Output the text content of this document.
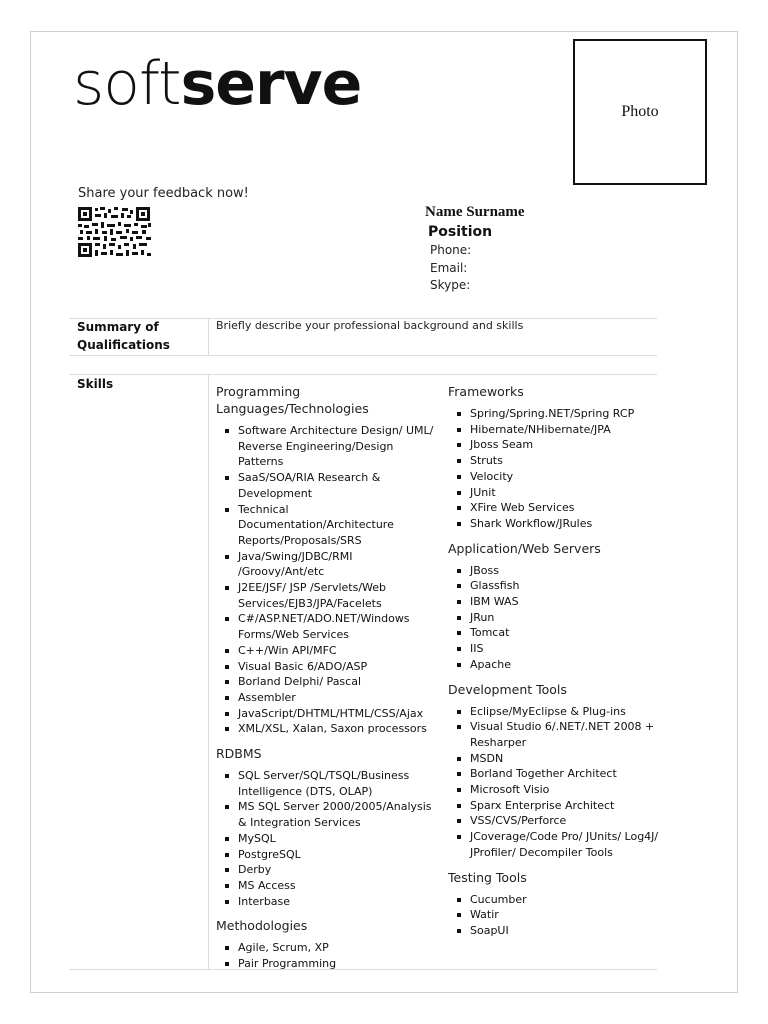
softserve	Photo
Share your feedback now!
Name Surname
Position
Phone:
Email:
Skype:
Summary of Qualifications
Briefly describe your professional background and skills
Skills	Programming Languages/Technologies
Software Architecture Design/ UML/ Reverse Engineering/Design Patterns
SaaS/SOA/RIA Research & Development
Technical Documentation/Architecture Reports/Proposals/SRS
Java/Swing/JDBC/RMI /Groovy/Ant/etc
J2EE/JSF/ JSP /Servlets/Web Services/EJB3/JPA/Facelets
C#/ASP.NET/ADO.NET/Windows Forms/Web Services
C++/Win API/MFC
Visual Basic 6/ADO/ASP
Borland Delphi/ Pascal
Assembler
JavaScript/DHTML/HTML/CSS/Ajax
XML/XSL, Xalan, Saxon processors
RDBMS
SQL Server/SQL/TSQL/Business Intelligence (DTS, OLAP)
MS SQL Server 2000/2005/Analysis & Integration Services
MySQL
PostgreSQL
Derby
MS Access
Interbase
Methodologies
Agile, Scrum, XP
Pair Programming
Frameworks
Spring/Spring.NET/Spring RCP
Hibernate/NHibernate/JPA
Jboss Seam
Struts
Velocity
JUnit
XFire Web Services
Shark Workflow/JRules
Application/Web Servers
JBoss
Glassfish
IBM WAS
JRun
Tomcat
IIS
Apache
Development Tools
Eclipse/MyEclipse & Plug-ins
Visual Studio 6/.NET/.NET 2008 + Resharper
MSDN
Borland Together Architect
Microsoft Visio
Sparx Enterprise Architect
VSS/CVS/Perforce
JCoverage/Code Pro/ JUnits/ Log4J/ JProfiler/ Decompiler Tools
Testing Tools
Cucumber
Watir
SoapUI
